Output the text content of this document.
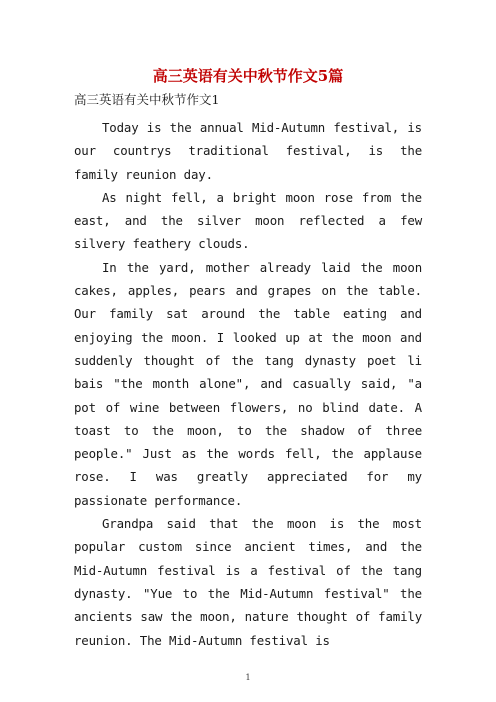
高三英语有关中秋节作文5篇
高三英语有关中秋节作文1

Today is the annual Mid-Autumn festival, is our countrys traditional festival, is the family reunion day.

As night fell, a bright moon rose from the east, and the silver moon reflected a few silvery feathery clouds.

In the yard, mother already laid the moon cakes, apples, pears and grapes on the table. Our family sat around the table eating and enjoying the moon. I looked up at the moon and suddenly thought of the tang dynasty poet li bais "the month alone", and casually said, "a pot of wine between flowers, no blind date. A toast to the moon, to the shadow of three people." Just as the words fell, the applause rose. I was greatly appreciated for my passionate performance.

Grandpa said that the moon is the most popular custom since ancient times, and the Mid-Autumn festival is a festival of the tang dynasty. "Yue to the Mid-Autumn festival" the ancients saw the moon, nature thought of family reunion. The Mid-Autumn festival is

1
